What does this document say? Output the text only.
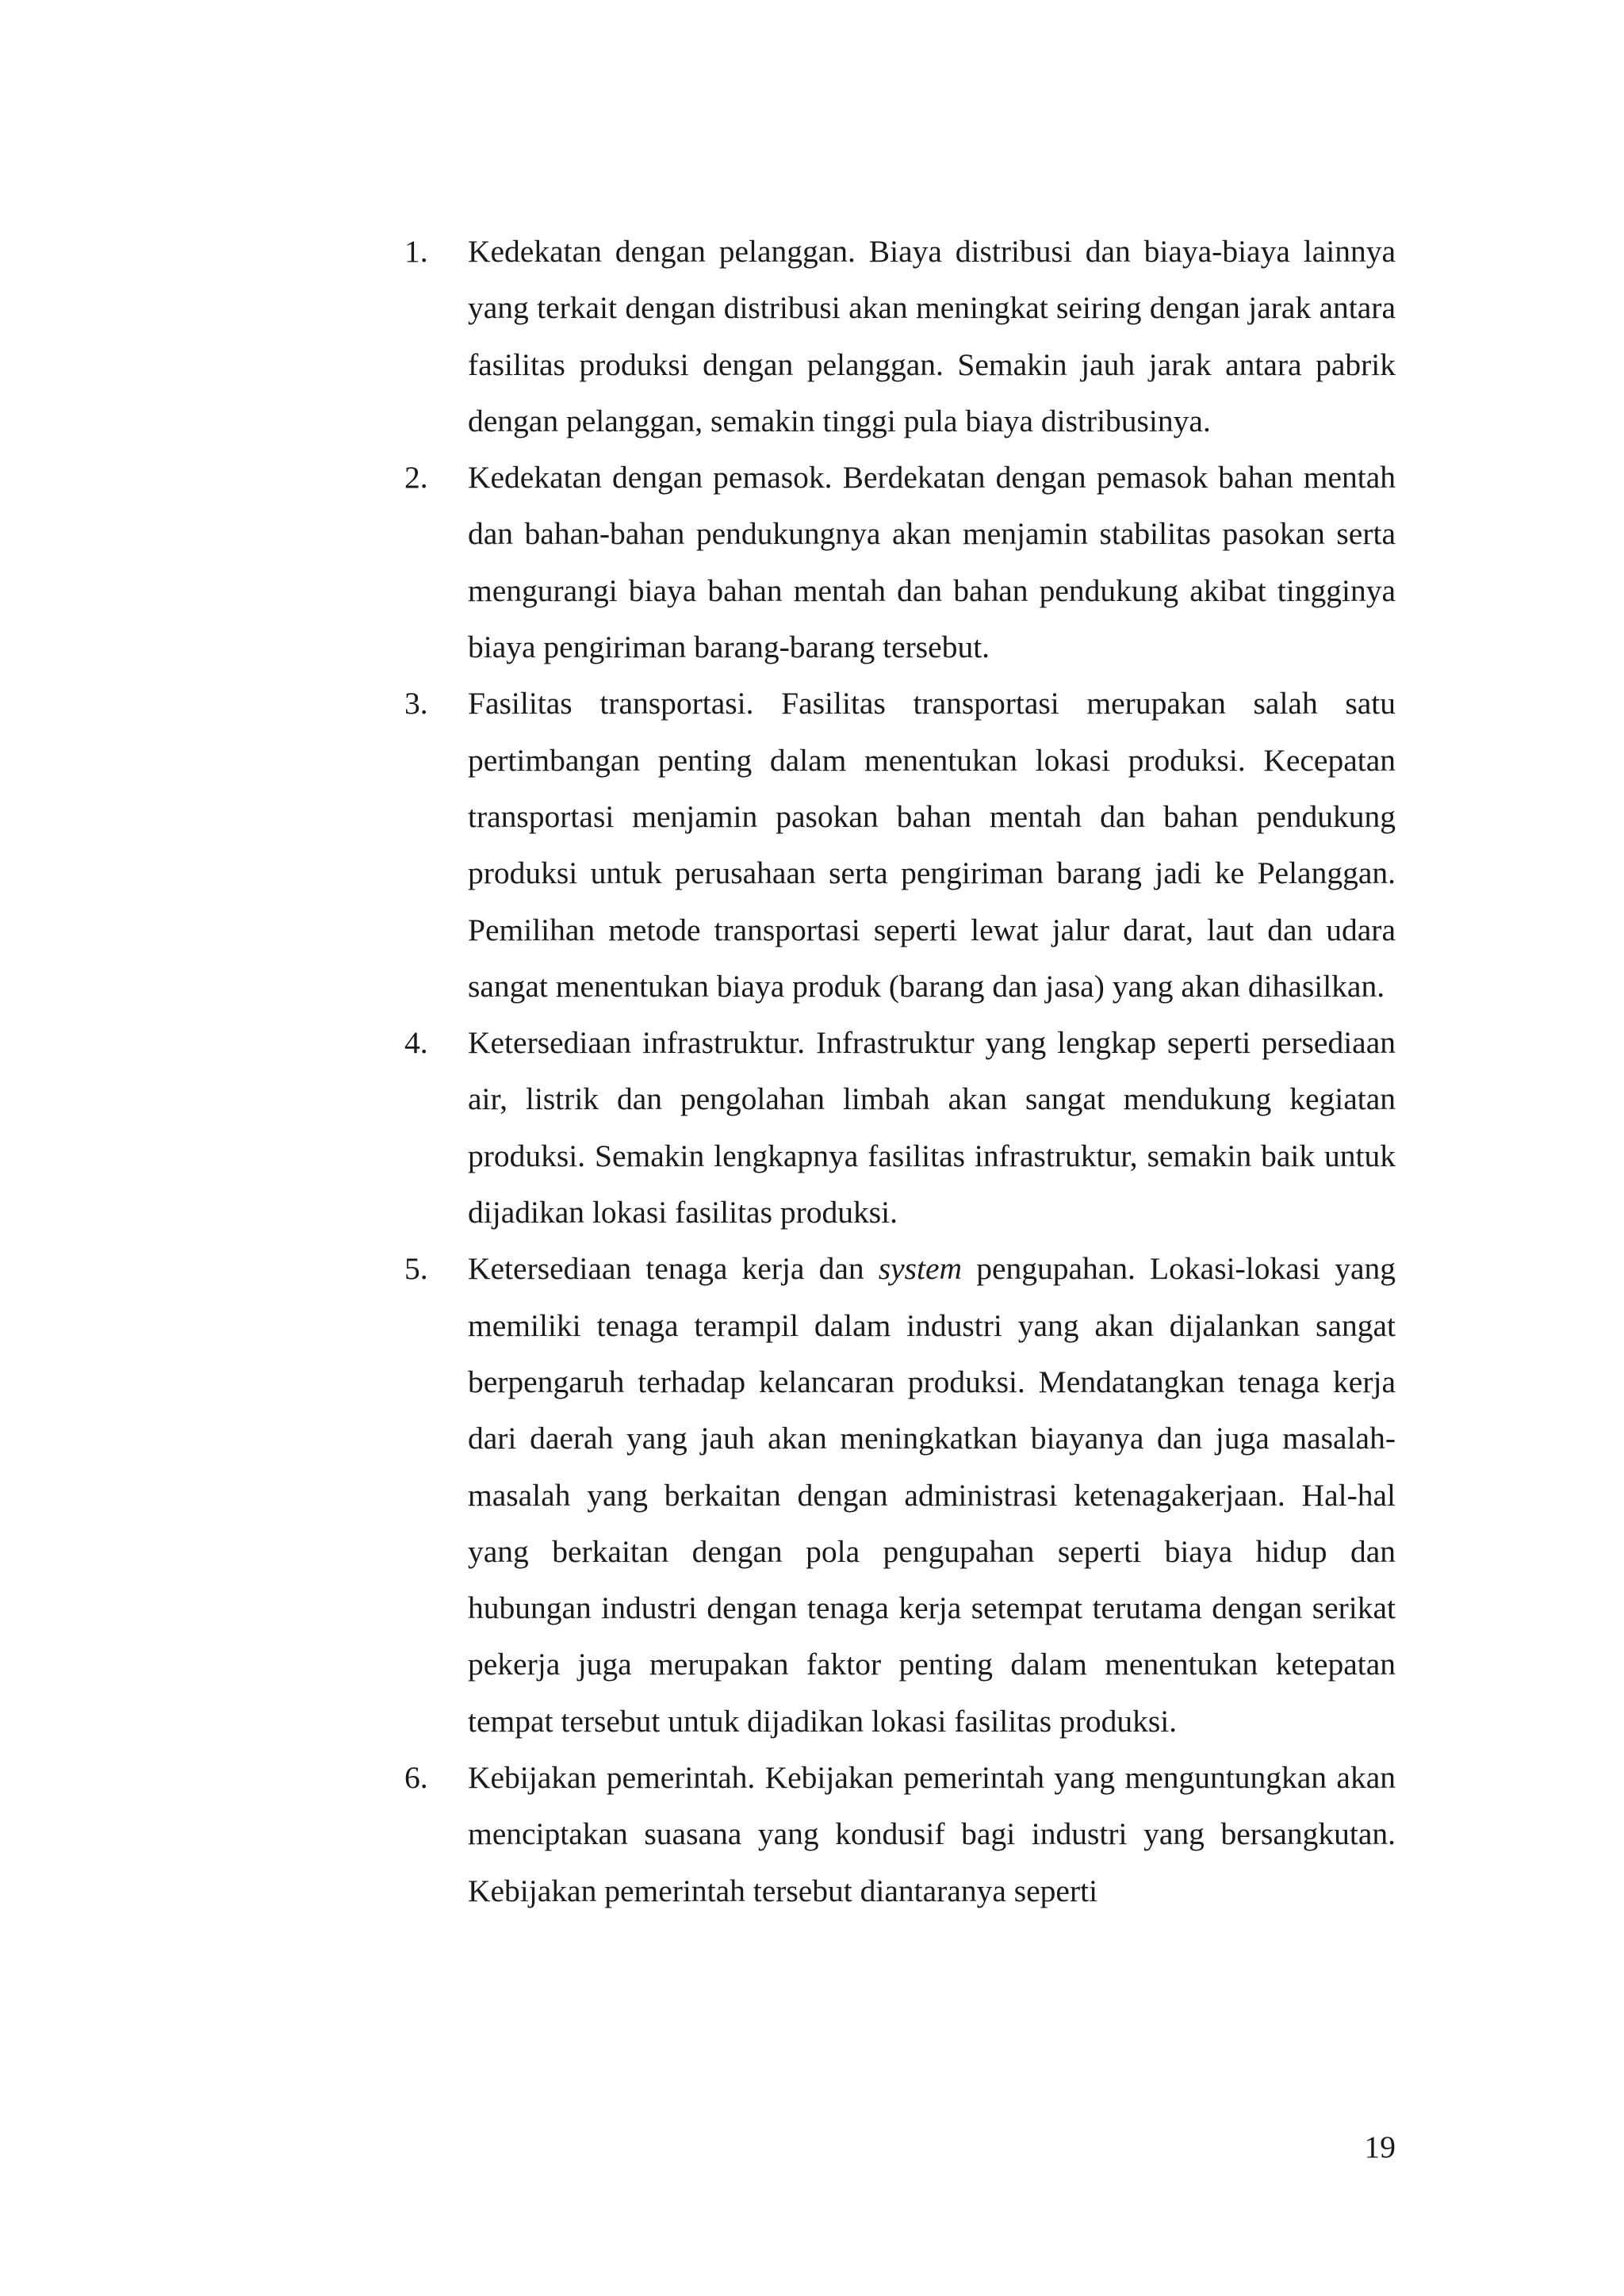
1. Kedekatan dengan pelanggan. Biaya distribusi dan biaya-biaya lainnya yang terkait dengan distribusi akan meningkat seiring dengan jarak antara fasilitas produksi dengan pelanggan. Semakin jauh jarak antara pabrik dengan pelanggan, semakin tinggi pula biaya distribusinya.
2. Kedekatan dengan pemasok. Berdekatan dengan pemasok bahan mentah dan bahan-bahan pendukungnya akan menjamin stabilitas pasokan serta mengurangi biaya bahan mentah dan bahan pendukung akibat tingginya biaya pengiriman barang-barang tersebut.
3. Fasilitas transportasi. Fasilitas transportasi merupakan salah satu pertimbangan penting dalam menentukan lokasi produksi. Kecepatan transportasi menjamin pasokan bahan mentah dan bahan pendukung produksi untuk perusahaan serta pengiriman barang jadi ke Pelanggan. Pemilihan metode transportasi seperti lewat jalur darat, laut dan udara sangat menentukan biaya produk (barang dan jasa) yang akan dihasilkan.
4. Ketersediaan infrastruktur. Infrastruktur yang lengkap seperti persediaan air, listrik dan pengolahan limbah akan sangat mendukung kegiatan produksi. Semakin lengkapnya fasilitas infrastruktur, semakin baik untuk dijadikan lokasi fasilitas produksi.
5. Ketersediaan tenaga kerja dan system pengupahan. Lokasi-lokasi yang memiliki tenaga terampil dalam industri yang akan dijalankan sangat berpengaruh terhadap kelancaran produksi. Mendatangkan tenaga kerja dari daerah yang jauh akan meningkatkan biayanya dan juga masalah-masalah yang berkaitan dengan administrasi ketenagakerjaan. Hal-hal yang berkaitan dengan pola pengupahan seperti biaya hidup dan hubungan industri dengan tenaga kerja setempat terutama dengan serikat pekerja juga merupakan faktor penting dalam menentukan ketepatan tempat tersebut untuk dijadikan lokasi fasilitas produksi.
6. Kebijakan pemerintah. Kebijakan pemerintah yang menguntungkan akan menciptakan suasana yang kondusif bagi industri yang bersangkutan. Kebijakan pemerintah tersebut diantaranya seperti
19
